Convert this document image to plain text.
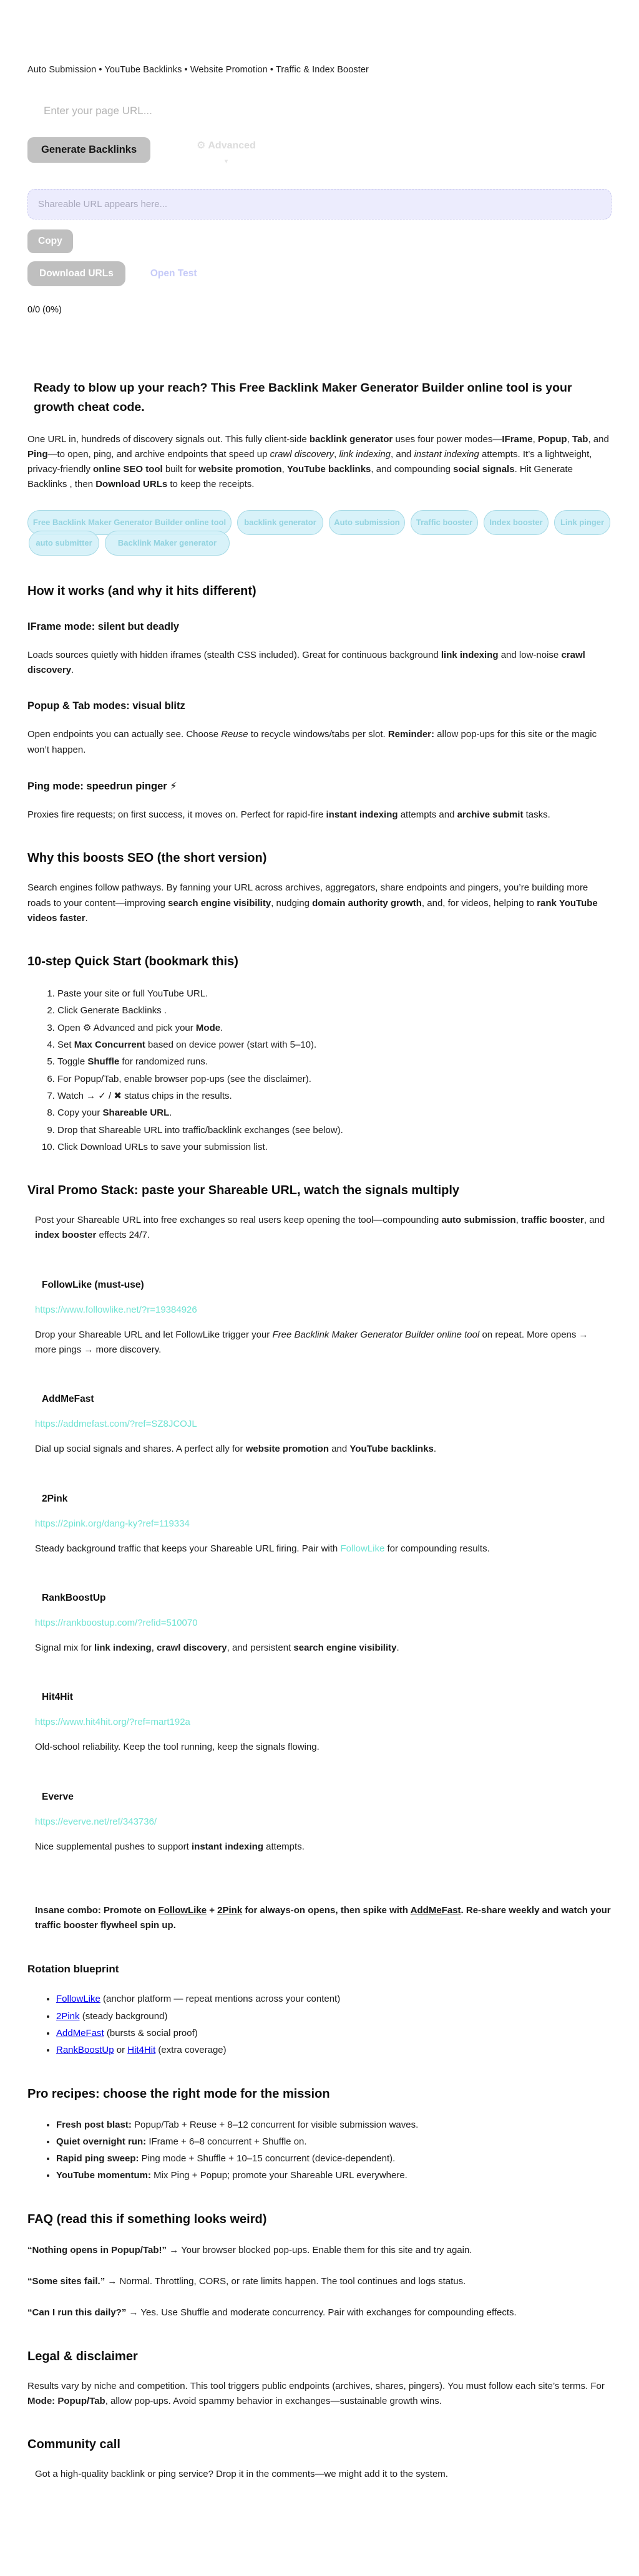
Auto Submission • YouTube Backlinks • Website Promotion • Traffic & Index Booster
Enter your page URL...
Generate Backlinks	⚙ Advanced
▾
Shareable URL appears here... Copy
Download URLs	Open Test
0/0 (0%)
Ready to blow up your reach? This Free Backlink Maker Generator Builder online tool is your growth cheat code.

One URL in, hundreds of discovery signals out. This fully client-side backlink generator uses four power modes—IFrame, Popup, Tab, and Ping—to open, ping, and archive endpoints that speed up crawl discovery, link indexing, and instant indexing attempts. It’s a lightweight, privacy-friendly online SEO tool built for website promotion, YouTube backlinks, and compounding social signals. Hit Generate Backlinks , then Download URLs to keep the receipts.

Free Backlink Maker Generator Builder online tool	backlink generator	Auto submission	Traffic booster	Index booster	Link pinger
auto submitter	Backlink Maker generator
How it works (and why it hits different)
IFrame mode: silent but deadly

Loads sources quietly with hidden iframes (stealth CSS included). Great for continuous background link indexing and low-noise crawl discovery.

Popup & Tab modes: visual blitz

Open endpoints you can actually see. Choose Reuse to recycle windows/tabs per slot. Reminder: allow pop-ups for this site or the magic won’t happen.

Ping mode: speedrun pinger ⚡

Proxies fire requests; on first success, it moves on. Perfect for rapid-fire instant indexing attempts and archive submit tasks.

Why this boosts SEO (the short version)

Search engines follow pathways. By fanning your URL across archives, aggregators, share endpoints and pingers, you’re building more roads to your content—improving search engine visibility, nudging domain authority growth, and, for videos, helping to rank YouTube videos faster.

10-step Quick Start (bookmark this)
1. Paste your site or full YouTube URL.
2. Click Generate Backlinks .
3. Open ⚙ Advanced and pick your Mode.
4. Set Max Concurrent based on device power (start with 5–10).
5. Toggle Shuffle for randomized runs.
6. For Popup/Tab, enable browser pop-ups (see the disclaimer).
7. Watch → ✓ / ✖ status chips in the results.
8. Copy your Shareable URL.
9. Drop that Shareable URL into traffic/backlink exchanges (see below).
10. Click Download URLs to save your submission list.
Viral Promo Stack: paste your Shareable URL, watch the signals multiply

Post your Shareable URL into free exchanges so real users keep opening the tool—compounding auto submission, traffic booster, and index booster effects 24/7.

FollowLike (must-use)
https://www.followlike.net/?r=19384926

Drop your Shareable URL and let FollowLike trigger your Free Backlink Maker Generator Builder online tool on repeat. More opens → more pings → more discovery.

AddMeFast
https://addmefast.com/?ref=SZ8JCOJL

Dial up social signals and shares. A perfect ally for website promotion and YouTube backlinks.

2Pink
https://2pink.org/dang-ky?ref=119334

Steady background traffic that keeps your Shareable URL firing. Pair with FollowLike for compounding results.

RankBoostUp
https://rankboostup.com/?refid=510070

Signal mix for link indexing, crawl discovery, and persistent search engine visibility.

Hit4Hit
https://www.hit4hit.org/?ref=mart192a

Old-school reliability. Keep the tool running, keep the signals flowing.

Everve
https://everve.net/ref/343736/

Nice supplemental pushes to support instant indexing attempts.

Insane combo: Promote on FollowLike + 2Pink for always-on opens, then spike with AddMeFast. Re-share weekly and watch your traffic booster flywheel spin up.

Rotation blueprint
• FollowLike (anchor platform — repeat mentions across your content)
• 2Pink (steady background)
• AddMeFast (bursts & social proof)
• RankBoostUp or Hit4Hit (extra coverage)
Pro recipes: choose the right mode for the mission
• Fresh post blast: Popup/Tab + Reuse + 8–12 concurrent for visible submission waves.
• Quiet overnight run: IFrame + 6–8 concurrent + Shuffle on.
• Rapid ping sweep: Ping mode + Shuffle + 10–15 concurrent (device-dependent).
• YouTube momentum: Mix Ping + Popup; promote your Shareable URL everywhere.
FAQ (read this if something looks weird)

“Nothing opens in Popup/Tab!” → Your browser blocked pop-ups. Enable them for this site and try again.

“Some sites fail.” → Normal. Throttling, CORS, or rate limits happen. The tool continues and logs status.

“Can I run this daily?” → Yes. Use Shuffle and moderate concurrency. Pair with exchanges for compounding effects.

Legal & disclaimer

Results vary by niche and competition. This tool triggers public endpoints (archives, shares, pingers). You must follow each site’s terms. For Mode: Popup/Tab, allow pop-ups. Avoid spammy behavior in exchanges—sustainable growth wins.

Community call

Got a high-quality backlink or ping service? Drop it in the comments—we might add it to the system.
